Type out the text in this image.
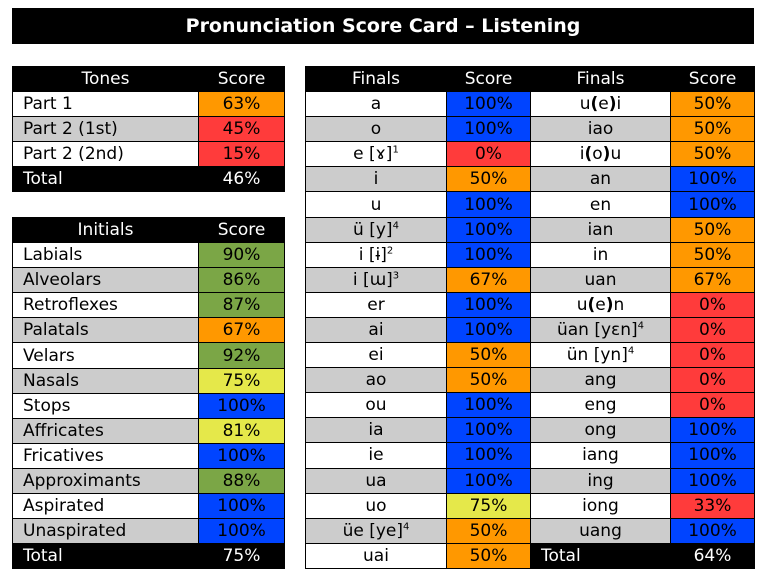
Pronunciation Score Card – Listening
Tones	Score
Part 1	63%
Part 2 (1st)	45%
Part 2 (2nd)	15%
Total	46%
Initials	Score
Labials	90%
Alveolars	86%
Retroflexes	87%
Palatals	67%
Velars	92%
Nasals	75%
Stops	100%
Affricates	81%
Fricatives	100%
Approximants	88%
Aspirated	100%
Unaspirated	100%
Total	75%
Finals	Score	Finals	Score
a	100%	u(e)i	50%
o	100%	iao	50%
e [ɤ]$^1$	0%	i(o)u	50%
i	50%	an	100%
u	100%	en	100%
ü $[y]^4$	100%	ian	50%
i [ɨ]$^2$	100%	in	50%
i [ɯ]$^3$	67%	uan	67%
er	100%	u(e)n	0%
ai	100%	üan [yɛn]$^4$	0%
ei	50%	ün [yn]$^4$	0%
ao	50%	ang	0%
ou	100%	eng	0%
ia	100%	ong	100%
ie	100%	iang	100%
ua	100%	ing	100%
uo	75%	iong	33%
üe [ye]$^4$	50%	uang	100%
uai	50%	Total	64%
